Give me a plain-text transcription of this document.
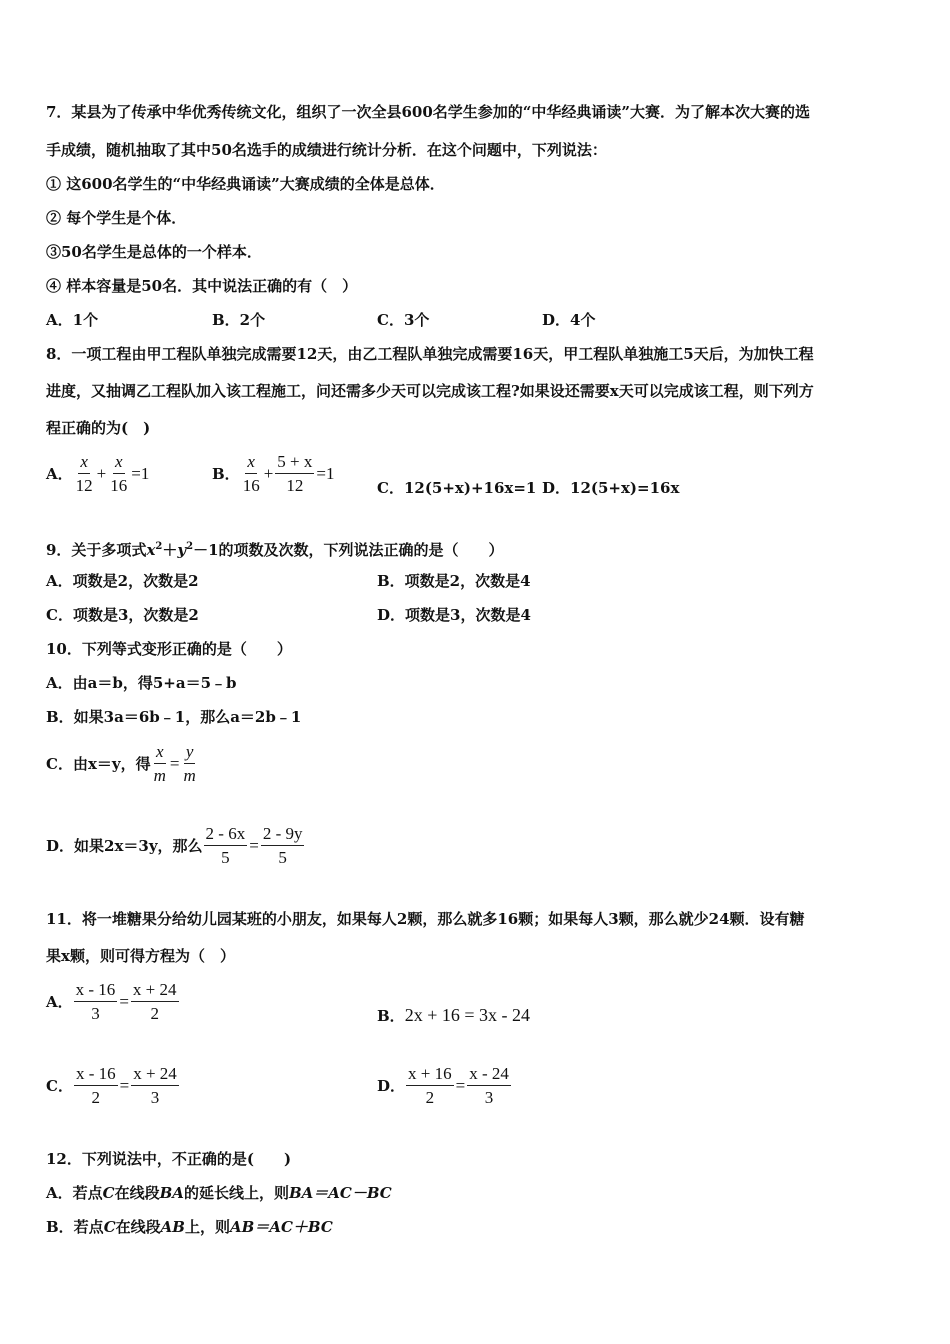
7．某县为了传承中华优秀传统文化，组织了一次全县600名学生参加的“中华经典诵读”大赛．为了解本次大赛的选
手成绩，随机抽取了其中50名选手的成绩进行统计分析．在这个问题中，下列说法：
① 这600名学生的“中华经典诵读”大赛成绩的全体是总体．
② 每个学生是个体．
③50名学生是总体的一个样本．
④ 样本容量是50名．其中说法正确的有（　）
A．1个	B．2个	C．3个	D．4个
8．一项工程由甲工程队单独完成需要12天，由乙工程队单独完成需要16天，甲工程队单独施工5天后，为加快工程
进度，又抽调乙工程队加入该工程施工，问还需多少天可以完成该工程?如果设还需要x天可以完成该工程，则下列方
程正确的为(　)
A． $\frac{x}{12} + \frac{x}{16} =1$	B． $\frac{x}{16} + \frac{5 + x}{12} =1$
C．12(5+x)+16x=1 D．12(5+x)=16x
9．关于多项式$x^2+y^2-1$的项数及次数，下列说法正确的是（　　）
A．项数是2，次数是2	B．项数是2，次数是4
C．项数是3，次数是2	D．项数是3，次数是4
10．下列等式变形正确的是（　　）
A．由a＝b，得5+a＝5﹣b
B．如果3a＝6b﹣1，那么a＝2b﹣1
C．由x＝y，得 $\frac{x}{m} = \frac{y}{m}$
D．如果2x＝3y，那么 $\frac{2 - 6x}{5} = \frac{2 - 9y}{5}$
11．将一堆糖果分给幼儿园某班的小朋友，如果每人2颗，那么就多16颗；如果每人3颗，那么就少24颗．设有糖
果x颗，则可得方程为（　）
A． $\frac{x - 16}{3} = \frac{x + 24}{2}$	B．2x + 16 = 3x - 24
C． $\frac{x - 16}{2} = \frac{x + 24}{3}$	D． $\frac{x + 16}{2} = \frac{x - 24}{3}$
12．下列说法中，不正确的是(　　)
A．若点C在线段BA的延长线上，则BA＝AC－BC
B．若点C在线段AB上，则AB＝AC＋BC
